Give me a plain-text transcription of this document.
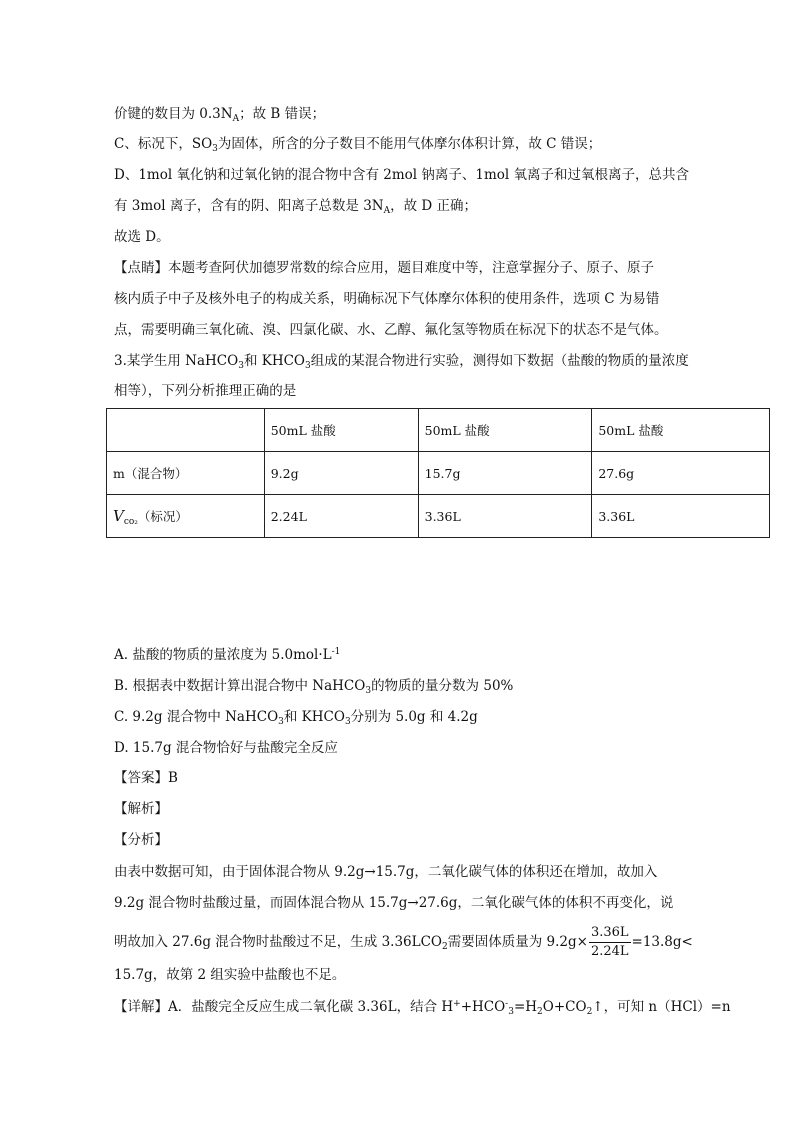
价键的数目为 $0.3N_A$；故 B 错误；
C、标况下，$SO_3$为固体，所含的分子数目不能用气体摩尔体积计算，故 C 错误；
D、1mol 氧化钠和过氧化钠的混合物中含有 2mol 钠离子、1mol 氧离子和过氧根离子，总共含
有 3mol 离子，含有的阴、阳离子总数是 $3N_A$，故 D 正确；
故选 D。
【点睛】本题考查阿伏加德罗常数的综合应用，题目难度中等，注意掌握分子、原子、原子
核内质子中子及核外电子的构成关系，明确标况下气体摩尔体积的使用条件，选项 C 为易错
点，需要明确三氧化硫、溴、四氯化碳、水、乙醇、氟化氢等物质在标况下的状态不是气体。
3.某学生用 NaHCO$_3$和 $KHCO_3$组成的某混合物进行实验，测得如下数据（盐酸的物质的量浓度
相等），下列分析推理正确的是
	50mL 盐酸	50mL 盐酸	50mL 盐酸
m（混合物）	9.2g	15.7g	27.6g
$V_{co_2}$（标况）	2.24L	3.36L	3.36L
A. 盐酸的物质的量浓度为 $5.0mol\cdot L^{-1}$
B. 根据表中数据计算出混合物中 NaHCO$_3$的物质的量分数为 50%
C. 9.2g 混合物中 NaHCO$_3$和 $KHCO_3$分别为 5.0g 和 4.2g
D. 15.7g 混合物恰好与盐酸完全反应
【答案】B
【解析】
【分析】
由表中数据可知，由于固体混合物从 9.2g→15.7g，二氧化碳气体的体积还在增加，故加入
9.2g 混合物时盐酸过量，而固体混合物从 15.7g→27.6g，二氧化碳气体的体积不再变化，说
明故加入 27.6g 混合物时盐酸过不足，生成 $3.36LCO_2$需要固体质量为 $9.2g\times \frac{3.36L}{2.24L} =13.8g<$
15.7g，故第 2 组实验中盐酸也不足。
【详解】A．盐酸完全反应生成二氧化碳 3.36L，结合 $H^++HCO^-_3=H_2O+CO_2↑$，可知 n（HCl）=n
